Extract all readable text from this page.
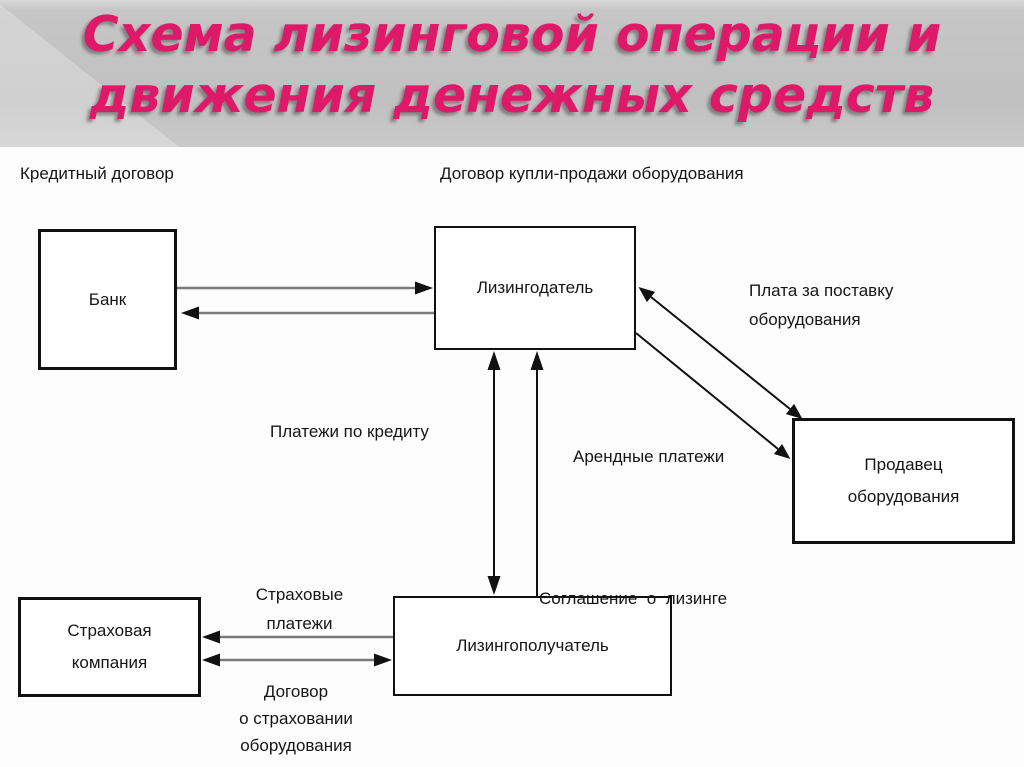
Схема лизинговой операции и
движения денежных средств
Банк
Лизингодатель
Продавец
оборудования
Страховая
компания
Лизингополучатель
Кредитный договор	Договор купли-продажи оборудования
Плата за поставку
оборудования
Платежи по кредиту
Арендные платежи

Соглашение  о  лизинге

Страховые
платежи
Договор
о страховании
оборудования
